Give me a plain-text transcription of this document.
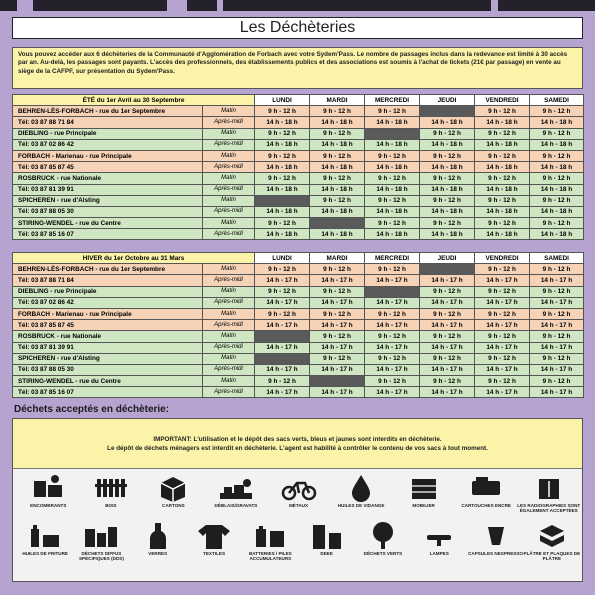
Les Déchèteries
Vous pouvez accéder aux 6 déchèteries de la Communauté d'Agglomération de Forbach avec votre Sydem'Pass. Le nombre de passages inclus dans la redevance est limité à 30 accès par an. Au-delà, les passages sont payants. L'accès des professionnels, des établissements publics et des associations est soumis à l'achat de tickets (21€ par passage) en vente au siège de la CAFPF, sur présentation du Sydem'Pass.
ÉTÉ du 1er Avril au 30 Septembre		LUNDI	MARDI	MERCREDI	JEUDI	VENDREDI	SAMEDI
BEHREN-LÈS-FORBACH - rue du 1er Septembre	Matin	9 h - 12 h	9 h - 12 h	9 h - 12 h		9 h - 12 h	9 h - 12 h
Tél: 03 87 88 71 84	Après-midi	14 h - 18 h	14 h - 18 h	14 h - 18 h	14 h - 18 h	14 h - 18 h	14 h - 18 h
DIEBLING - rue Principale	Matin	9 h - 12 h	9 h - 12 h		9 h - 12 h	9 h - 12 h	9 h - 12 h
Tél: 03 87 02 86 42	Après-midi	14 h - 18 h	14 h - 18 h	14 h - 18 h	14 h - 18 h	14 h - 18 h	14 h - 18 h
FORBACH - Marienau - rue Principale	Matin	9 h - 12 h	9 h - 12 h	9 h - 12 h	9 h - 12 h	9 h - 12 h	9 h - 12 h
Tél: 03 87 85 87 45	Après-midi	14 h - 18 h	14 h - 18 h	14 h - 18 h	14 h - 18 h	14 h - 18 h	14 h - 18 h
ROSBRUCK - rue Nationale	Matin	9 h - 12 h	9 h - 12 h	9 h - 12 h	9 h - 12 h	9 h - 12 h	9 h - 12 h
Tél: 03 87 81 39 91	Après-midi	14 h - 18 h	14 h - 18 h	14 h - 18 h	14 h - 18 h	14 h - 18 h	14 h - 18 h
SPICHEREN - rue d'Alsting	Matin		9 h - 12 h	9 h - 12 h	9 h - 12 h	9 h - 12 h	9 h - 12 h
Tél: 03 87 88 05 30	Après-midi	14 h - 18 h	14 h - 18 h	14 h - 18 h	14 h - 18 h	14 h - 18 h	14 h - 18 h
STIRING-WENDEL - rue du Centre	Matin	9 h - 12 h		9 h - 12 h	9 h - 12 h	9 h - 12 h	9 h - 12 h
Tél: 03 87 85 16 07	Après-midi	14 h - 18 h	14 h - 18 h	14 h - 18 h	14 h - 18 h	14 h - 18 h	14 h - 18 h
HIVER du 1er Octobre au 31 Mars		LUNDI	MARDI	MERCREDI	JEUDI	VENDREDI	SAMEDI
BEHREN-LÈS-FORBACH - rue du 1er Septembre	Matin	9 h - 12 h	9 h - 12 h	9 h - 12 h		9 h - 12 h	9 h - 12 h
Tél: 03 87 88 71 84	Après-midi	14 h - 17 h	14 h - 17 h	14 h - 17 h	14 h - 17 h	14 h - 17 h	14 h - 17 h
DIEBLING - rue Principale	Matin	9 h - 12 h	9 h - 12 h		9 h - 12 h	9 h - 12 h	9 h - 12 h
Tél: 03 87 02 86 42	Après-midi	14 h - 17 h	14 h - 17 h	14 h - 17 h	14 h - 17 h	14 h - 17 h	14 h - 17 h
FORBACH - Marienau - rue Principale	Matin	9 h - 12 h	9 h - 12 h	9 h - 12 h	9 h - 12 h	9 h - 12 h	9 h - 12 h
Tél: 03 87 85 87 45	Après-midi	14 h - 17 h	14 h - 17 h	14 h - 17 h	14 h - 17 h	14 h - 17 h	14 h - 17 h
ROSBRUCK - rue Nationale	Matin		9 h - 12 h	9 h - 12 h	9 h - 12 h	9 h - 12 h	9 h - 12 h
Tél: 03 87 81 39 91	Après-midi	14 h - 17 h	14 h - 17 h	14 h - 17 h	14 h - 17 h	14 h - 17 h	14 h - 17 h
SPICHEREN - rue d'Alsting	Matin		9 h - 12 h	9 h - 12 h	9 h - 12 h	9 h - 12 h	9 h - 12 h
Tél: 03 87 88 05 30	Après-midi	14 h - 17 h	14 h - 17 h	14 h - 17 h	14 h - 17 h	14 h - 17 h	14 h - 17 h
STIRING-WENDEL - rue du Centre	Matin	9 h - 12 h		9 h - 12 h	9 h - 12 h	9 h - 12 h	9 h - 12 h
Tél: 03 87 85 16 07	Après-midi	14 h - 17 h	14 h - 17 h	14 h - 17 h	14 h - 17 h	14 h - 17 h	14 h - 17 h
Déchets acceptés en déchèterie:
IMPORTANT: L'utilisation et le dépôt des sacs verts, bleus et jaunes sont interdits en déchèterie.
Le dépôt de déchets ménagers est interdit en déchèterie. L'agent est habilité à contrôler le contenu de vos sacs à tout moment.
ENCOMBRANTS	BOIS	CARTONS	DÉBLAIS/GRAVATS	MÉTAUX	HUILES DE VIDANGE	MOBILIER	CARTOUCHES ENCRE	LES RADIOGRAPHIES SONT ÉGALEMENT ACCEPTÉES
HUILES DE FRITURE	DÉCHETS DIFFUS SPÉCIFIQUES (DDS)
VERRES	TEXTILES	BATTERIES / PILES ACCUMULATEURS
DEEE	DÉCHETS VERTS	LAMPES	CAPSULES NESPRESSO PLÂTRE ET PLAQUES DE PLÂTRE
